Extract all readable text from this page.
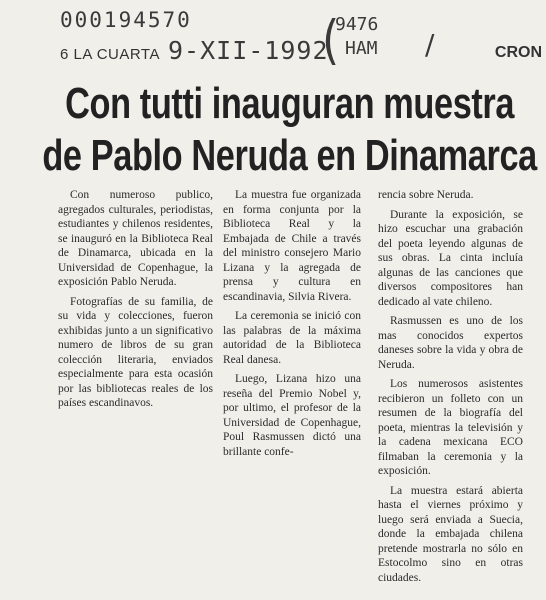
000194570
9-XII-1992
(
9476
HAM /
6 LA CUARTA	CRON
Con tutti inauguran muestra
de Pablo Neruda en Dinamarca

Con numeroso publico, agregados culturales, periodistas, estudiantes y chilenos residentes, se inauguró en la Biblioteca Real de Dinamarca, ubicada en la Universidad de Copenhague, la exposición Pablo Neruda.

Fotografías de su familia, de su vida y colecciones, fueron exhibidas junto a un significativo numero de libros de su gran colección literaria, enviados especialmente para esta ocasión por las bibliotecas reales de los países escandinavos.

La muestra fue organizada en forma conjunta por la Biblioteca Real y la Embajada de Chile a través del ministro consejero Mario Lizana y la agregada de prensa y cultura en escandinavia, Silvia Rivera.

La ceremonia se inició con las palabras de la máxima autoridad de la Biblioteca Real danesa.

Luego, Lizana hizo una reseña del Premio Nobel y, por ultimo, el profesor de la Universidad de Copenhague, Poul Rasmussen dictó una brillante confe-

rencia sobre Neruda.

Durante la exposición, se hizo escuchar una grabación del poeta leyendo algunas de sus obras. La cinta incluía algunas de las canciones que diversos compositores han dedicado al vate chileno.

Rasmussen es uno de los mas conocidos expertos daneses sobre la vida y obra de Neruda.

Los numerosos asistentes recibieron un folleto con un resumen de la biografía del poeta, mientras la televisión y la cadena mexicana ECO filmaban la ceremonia y la exposición.

La muestra estará abierta hasta el viernes próximo y luego será enviada a Suecia, donde la embajada chilena pretende mostrarla no sólo en Estocolmo sino en otras ciudades.
